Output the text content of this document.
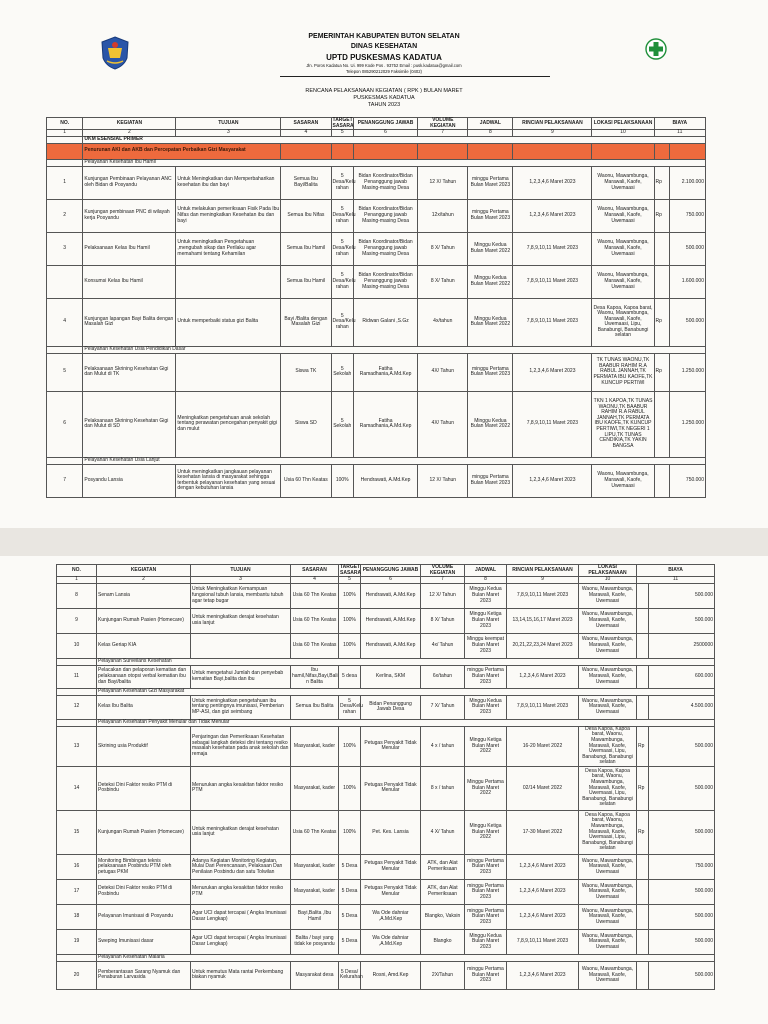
PEMERINTAH KABUPATEN BUTON SELATAN
DINAS KESEHATAN
UPTD PUSKESMAS KADATUA
Jln. Poros Kadatua No. Ui. 999 Kode Pos . 93752 Email : pusk.kadatua@gmail.com
Telepon 085290212029 Faksimile (0402)
RENCANA PELAKSANAAN KEGIATAN ( RPK ) BULAN MARET
PUSKESMAS KADATUA
TAHUN 2023
NO.	KEGIATAN	TUJUAN	SASARAN	TARGET SASARA	PENANGGUNG JAWAB	VOLUME KEGIATAN	JADWAL	RINCIAN PELAKSANAAN	LOKASI PELAKSANAAN	BIAYA	
1	2	3	4	5	6	7	8	9	10	11	
	UKM ESENSIAL PRIMER										
	Penurunan AKI dan AKB dan Percepatan Perbaikan Gizi Masyarakat										
	Pelayanan Kesehatan Ibu Hamil										
1	Kunjungan Pembinaan Pelayanan ANC oleh Bidan di Posyandu	Untuk Meningkatkan dan Memperbaharikan kesehatan ibu dan bayi	Semua Ibu Bayi/Balita	5 Desa/Kelu rahan	Bidan Koordinator/Bidan Penanggung jawab Masing-masing Desa	12 X/ Tahun	minggu Pertama Bulan Maret 2023	1,2,3,4,6 Maret 2023	Waonu, Mawambunga, Marawali, Kaofe, Uwemaasi	Rp	2.100.000
2	Kunjungan pembinaan PNC di wilayah kerja Posyandu	Untuk melakukan pemeriksaan Fisik Pada Ibu Nifas dan meningkatkan Kesehatan ibu dan bayi	Semua Ibu Nifas	5 Desa/Kelu rahan	Bidan Koordinator/Bidan Penanggung jawab Masing-masing Desa	12x/tahun	minggu Pertama Bulan Maret 2023	1,2,3,4,6 Maret 2023	Waonu, Mawambunga, Marawali, Kaofe, Uwemaasi	Rp	750.000
3	Pelaksanaan Kelas Ibu Hamil	Untuk meningkatkan Pengetahuan ,mengubah sikap dan Perilaku agar memahami tentang Kehamilan	Semua Ibu Hamil	5 Desa/Kelu rahan	Bidan Koordinator/Bidan Penanggung jawab Masing-masing Desa	8 X/ Tahun	Minggu Kedua Bulan Maret 2022	7,8,9,10,11 Maret 2023	Waonu, Mawambunga, Marawali, Kaofe, Uwemaasi		500.000
	Konsumsi Kelas Ibu Hamil		Semua Ibu Hamil	5 Desa/Kelu rahan	Bidan Koordinator/Bidan Penanggung jawab Masing-masing Desa	8 X/ Tahun	Minggu Kedua Bulan Maret 2022	7,8,9,10,11 Maret 2023	Waonu, Mawambunga, Marawali, Kaofe, Uwemaasi		1.600.000
4	Kunjungan lapangan Bayi Balita dengan Masalah Gizi	Untuk memperbaiki status gizi Balita	Bayi /Balita dengan Masalah Gizi	5 Desa/Kelu rahan	Ridwan Galani ,S.Gz	4x/tahun	Minggu Kedua Bulan Maret 2022	7,8,9,10,11 Maret 2023	Desa Kapoa, Kapoa barat, Waonu, Mawambunga, Marawali, Kaofe, Uwemaasi, Lipu, Banabungi, Banabungi selatan	Rp	500.000
	Pelayanan Kesehatan Usia Pendidikan Dasar										
5	Pelaksanaan Skrining Kesehatan Gigi dan Mulut di TK		Siswa TK	5 Sekolah	Fatiha Ramadhania,A.Md.Kep	4X/ Tahun	minggu Pertama Bulan Maret 2023	1,2,3,4,6 Maret 2023	TK TUNAS WAONU,TK BAABUR RAHIM R.A RABUL JANNAH,TK PERMATA IBU KAOFE,TK KUNCUP PERTIWI	Rp	1.250.000
6	Pelaksanaan Skrining Kesehatan Gigi dan Mulut di SD	Meningkatkan pengetahuan anak sekolah tentang perawatan pencegahan penyakit gigi dan mulut	Siswa SD	5 Sekolah	Fatiha Ramadhania,A.Md.Kep	4X/ Tahun	Minggu Kedua Bulan Maret 2022	7,8,9,10,11 Maret 2023	TKN 1 KAPOA,TK TUNAS WAONU,TK BAABUR RAHIM R.A RABUL JANNAH,TK PERMATA IBU KAOFE,TK KUNCUP PERTIWI,TK NEGERI 1 LIPU,TK TUNAS CENDIKIA,TK YAKIN BANGSA		1.250.000
	Pelayanan Kesehatan Usia Lanjut										
7	Posyandu Lansia	Untuk meningkatkan jangkauan pelayanan kesehatan lansia di masyarakat sehingga terbentuk pelayanan kesehatan yang sesuai dengan kebutuhan lansia	Usia 60 Thn Keatas	100%	Hendrawati, A.Md.Kep	12 X/ Tahun	minggu Pertama Bulan Maret 2023	1,2,3,4,6 Maret 2023	Waonu, Mawambunga, Marawali, Kaofe, Uwemaasi		750.000
NO.	KEGIATAN	TUJUAN	SASARAN	TARGET SASARA	PENANGGUNG JAWAB	VOLUME KEGIATAN	JADWAL	RINCIAN PELAKSANAAN	LOKASI PELAKSANAAN	BIAYA	
1	2	3	4	5	6	7	8	9	10	11	
8	Senam Lansia	Untuk Meningkatkan Kemampuan fungsional tubuh lansia, membantu tubuh agar tetap bugar	Usia 60 Thn Keatas	100%	Hendrawati, A.Md.Kep	12 X/ Tahun	Minggu Kedua Bulan Maret 2023	7,8,9,10,11 Maret 2023	Waonu, Mawambunga, Marawali, Kaofe, Uwemaasi		500.000
9	Kunjungan Rumah Pasien (Homecare)	Untuk meningkatkan derajat kesehatan usia lanjut	Usia 60 Thn Keatas	100%	Hendrawati, A.Md.Kep	8 X/ Tahun	Minggu Ketiga Bulan Maret 2023	13,14,15,16,17 Maret 2023	Waonu, Mawambunga, Marawali, Kaofe, Uwemaasi		500.000
10	Kelas Geriap KIA		Usia 60 Thn Keatas	100%	Hendrawati, A.Md.Kep	4x/ Tahun	Minggu keempat Bulan Maret 2023	20,21,22,23,24 Maret 2023	Waonu, Mawambunga, Marawali, Kaofe, Uwemaasi		2500000
	Pelayanan Surveilans Kesehatan										
11	Pelacakan dan pelaporan kematian dan pelaksanaan otopsi verbal kematian ibu dan Bayi/balita	Untuk mengetahui Jumlah dan penyebab kematian Bayi,balita dan ibu	Ibu hamil,Nifas,Bayi,Bali n Balita	5 desa	Kerlina, SKM	6x/tahun	minggu Pertama Bulan Maret 2023	1,2,3,4,6 Maret 2023	Waonu, Mawambunga, Marawali, Kaofe, Uwemaasi		600.000
	Pelayanan Kesehatan Gizi Masyarakat										
12	Kelas Ibu Balita	Untuk meningkatkan pengetahuan ibu tentang pentingnya imunisasi, Pemberian MP-ASI, dan gizi seimbang	Semua Ibu Balita	5 Desa/Kelu rahan	Bidan Penanggung Jawab Desa	7 X/ Tahun	Minggu Kedua Bulan Maret 2023	7,8,9,10,11 Maret 2023	Waonu, Mawambunga, Marawali, Kaofe, Uwemaasi		4.500.000
	Pelayanan Kesehatan Penyakit Menular dan Tidak Menular										
13	Skrining usia Produktif	Penjaringan dan Pemeriksaan Kesehatan sebagai langkah deteksi dini tentang resiko masalah kesehatan pada anak sekolah dan remaja	Masyarakat, kader	100%	Petugas Penyakit Tidak Menular	4 x / tahun	Minggu Ketiga Bulan Maret 2022	16-20 Maret 2022	Desa Kapoa, Kapoa barat, Waonu, Mawambunga, Marawali, Kaofe, Uwemaasi, Lipu, Banabungi, Banabungi selatan	Rp	500.000
14	Deteksi Dini Faktor resiko PTM di Posbindu	Menurukan angka kesakitan faktor resiko PTM	Masyarakat, kader	100%	Petugas Penyakit Tidak Menular	8 x / tahun	Minggu Pertama Bulan Maret 2022	02/14 Maret 2022	Desa Kapoa, Kapoa barat, Waonu, Mawambunga, Marawali, Kaofe, Uwemaasi, Lipu, Banabungi, Banabungi selatan	Rp	500.000
15	Kunjungan Rumah Pasien (Homecare)	Untuk meningkatkan derajat kesehatan usia lanjut	Usia 60 Thn Keatas	100%	Pet. Kes. Lansia	4 X/ Tahun	Minggu Ketiga Bulan Maret 2022	17-30 Maret 2022	Desa Kapoa, Kapoa barat, Waonu, Mawambunga, Marawali, Kaofe, Uwemaasi, Lipu, Banabungi, Banabungi selatan	Rp	500.000
16	Monitoring Bimbingan teknis pelaksanaan Posbindu PTM oleh petugas PKM	Adanya Kegiatan Monitoring Kegiatan, Mulai Dari Perencanaan, Pelaksaan Dan Penilaian Posbindu dan satu Tolwilan	Masyarakat, kader	5 Desa	Petugas Penyakit Tidak Menular	ATK, dan Alat Pemeriksaan	minggu Pertama Bulan Maret 2023	1,2,3,4,6 Maret 2023	Waonu, Mawambunga, Marawali, Kaofe, Uwemaasi		750.000
17	Deteksi Dini Faktor resiko PTM di Posbindu	Menurukan angka kesakitan faktor resiko PTM	Masyarakat, kader	5 Desa	Petugas Penyakit Tidak Menular	ATK, dan Alat Pemeriksaan	minggu Pertama Bulan Maret 2023	1,2,3,4,6 Maret 2023	Waonu, Mawambunga, Marawali, Kaofe, Uwemaasi		500.000
18	Pelayanan Imunisasi di Posyandu	Agar UCI dapat tercapai ( Angka Imunisasi Dasar Lengkap)	Bayi,Balita ,Ibu Hamil	5 Desa	Wa Ode dahniar ,A.Md.Kep	Blangko, Vaksin	minggu Pertama Bulan Maret 2023	1,2,3,4,6 Maret 2023	Waonu, Mawambunga, Marawali, Kaofe, Uwemaasi		500.000
19	Sweping Imunisasi dasar	Agar UCI dapat tercapai ( Angka Imunisasi Dasar Lengkap)	Balita / bayi yang tidak ke posyandu	5 Desa	Wa Ode dahniar ,A.Md.Kep	Blangko	Minggu Kedua Bulan Maret 2023	7,8,9,10,11 Maret 2023	Waonu, Mawambunga, Marawali, Kaofe, Uwemaasi		500.000
	Pelayanan Kesehatan Malaria										
20	Pemberantasan Sarang Nyamuk dan Penaburan Larvasida	Untuk memutus Mata rantai Perkembang biakan nyamuk	Masyarakat desa	5 Desa/ Kelurahan	Rosni, Amd.Kep	2X/Tahun	minggu Pertama Bulan Maret 2023	1,2,3,4,6 Maret 2023	Waonu, Mawambunga, Marawali, Kaofe, Uwemaasi		500.000
